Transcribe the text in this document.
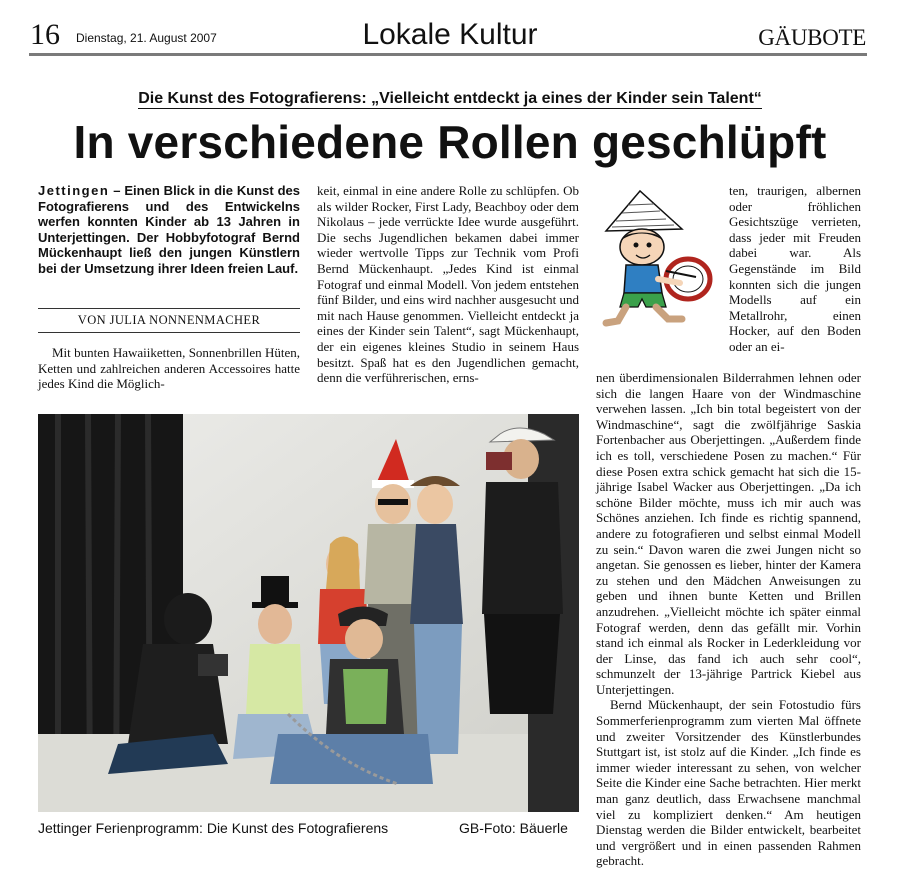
16 Dienstag, 21. August 2007	Lokale Kultur	GÄUBOTE
Die Kunst des Fotografierens: „Vielleicht entdeckt ja eines der Kinder sein Talent“
In verschiedene Rollen geschlüpft
Jettingen – Einen Blick in die Kunst des Fotografierens und des Entwickelns werfen konnten Kinder ab 13 Jahren in Unterjettingen. Der Hobbyfotograf Bernd Mückenhaupt ließ den jungen Künstlern bei der Umsetzung ihrer Ideen freien Lauf.
VON JULIA NONNENMACHER

Mit bunten Hawaiiketten, Sonnenbrillen Hüten, Ketten und zahlreichen anderen Accessoires hatte jedes Kind die Möglich-

keit, einmal in eine andere Rolle zu schlüpfen. Ob als wilder Rocker, First Lady, Beachboy oder dem Nikolaus – jede verrückte Idee wurde ausgeführt. Die sechs Jugendlichen bekamen dabei immer wieder wertvolle Tipps zur Technik vom Profi Bernd Mückenhaupt. „Jedes Kind ist einmal Fotograf und einmal Modell. Von jedem entstehen fünf Bilder, und eins wird nachher ausgesucht und mit nach Hause genommen. Vielleicht entdeckt ja eines der Kinder sein Talent“, sagt Mückenhaupt, der ein eigenes kleines Studio in seinem Haus besitzt. Spaß hat es den Jugendlichen gemacht, denn die verführerischen, erns-

ten, traurigen, albernen oder fröhlichen Gesichtszüge verrieten, dass jeder mit Freuden dabei war. Als Gegenstände im Bild konnten sich die jungen Modells auf ein Metallrohr, einen Hocker, auf den Boden oder an ei-

nen überdimensionalen Bilderrahmen lehnen oder sich die langen Haare von der Windmaschine verwehen lassen. „Ich bin total begeistert von der Windmaschine“, sagt die zwölfjährige Saskia Fortenbacher aus Oberjettingen. „Außerdem finde ich es toll, verschiedene Posen zu machen.“ Für diese Posen extra schick gemacht hat sich die 15-jährige Isabel Wacker aus Oberjettingen. „Da ich schöne Bilder möchte, muss ich mir auch was Schönes anziehen. Ich finde es richtig spannend, andere zu fotografieren und selbst einmal Modell zu sein.“ Davon waren die zwei Jungen nicht so angetan. Sie genossen es lieber, hinter der Kamera zu stehen und den Mädchen Anweisungen zu geben und ihnen bunte Ketten und Brillen anzudrehen. „Vielleicht möchte ich später einmal Fotograf werden, denn das gefällt mir. Vorhin stand ich einmal als Rocker in Lederkleidung vor der Linse, das fand ich auch sehr cool“, schmunzelt der 13-jährige Partrick Kiebel aus Unterjettingen.

Bernd Mückenhaupt, der sein Fotostudio fürs Sommerferienprogramm zum vierten Mal öffnete und zweiter Vorsitzender des Künstlerbundes Stuttgart ist, ist stolz auf die Kinder. „Ich finde es immer wieder interessant zu sehen, von welcher Seite die Kinder eine Sache betrachten. Hier merkt man ganz deutlich, dass Erwachsene manchmal viel zu kompliziert denken.“ Am heutigen Dienstag werden die Bilder entwickelt, bearbeitet und vergrößert und in einen passenden Rahmen gebracht.

Jettinger Ferienprogramm: Die Kunst des Fotografierens	GB-Foto: Bäuerle
